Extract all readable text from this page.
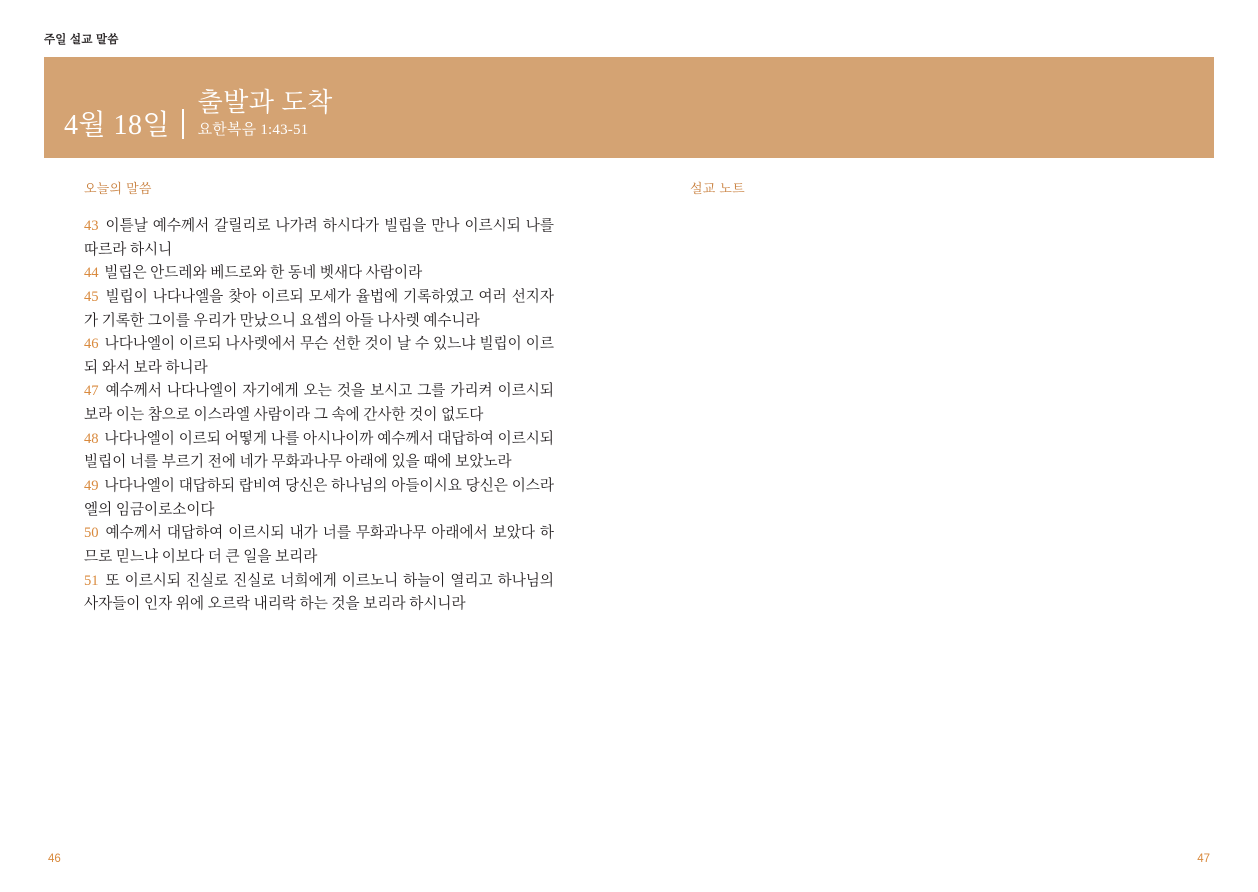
주일 설교 말씀
4월 18일
출발과 도착
요한복음 1:43-51
오늘의 말씀
43 이튿날 예수께서 갈릴리로 나가려 하시다가 빌립을 만나 이르시되 나를 따르라 하시니
44 빌립은 안드레와 베드로와 한 동네 벳새다 사람이라
45 빌립이 나다나엘을 찾아 이르되 모세가 율법에 기록하였고 여러 선지자가 기록한 그이를 우리가 만났으니 요셉의 아들 나사렛 예수니라
46 나다나엘이 이르되 나사렛에서 무슨 선한 것이 날 수 있느냐 빌립이 이르되 와서 보라 하니라
47 예수께서 나다나엘이 자기에게 오는 것을 보시고 그를 가리켜 이르시되 보라 이는 참으로 이스라엘 사람이라 그 속에 간사한 것이 없도다
48 나다나엘이 이르되 어떻게 나를 아시나이까 예수께서 대답하여 이르시되 빌립이 너를 부르기 전에 네가 무화과나무 아래에 있을 때에 보았노라
49 나다나엘이 대답하되 랍비여 당신은 하나님의 아들이시요 당신은 이스라엘의 임금이로소이다
50 예수께서 대답하여 이르시되 내가 너를 무화과나무 아래에서 보았다 하므로 믿느냐 이보다 더 큰 일을 보리라
51 또 이르시되 진실로 진실로 너희에게 이르노니 하늘이 열리고 하나님의 사자들이 인자 위에 오르락 내리락 하는 것을 보리라 하시니라
설교 노트
46	47
